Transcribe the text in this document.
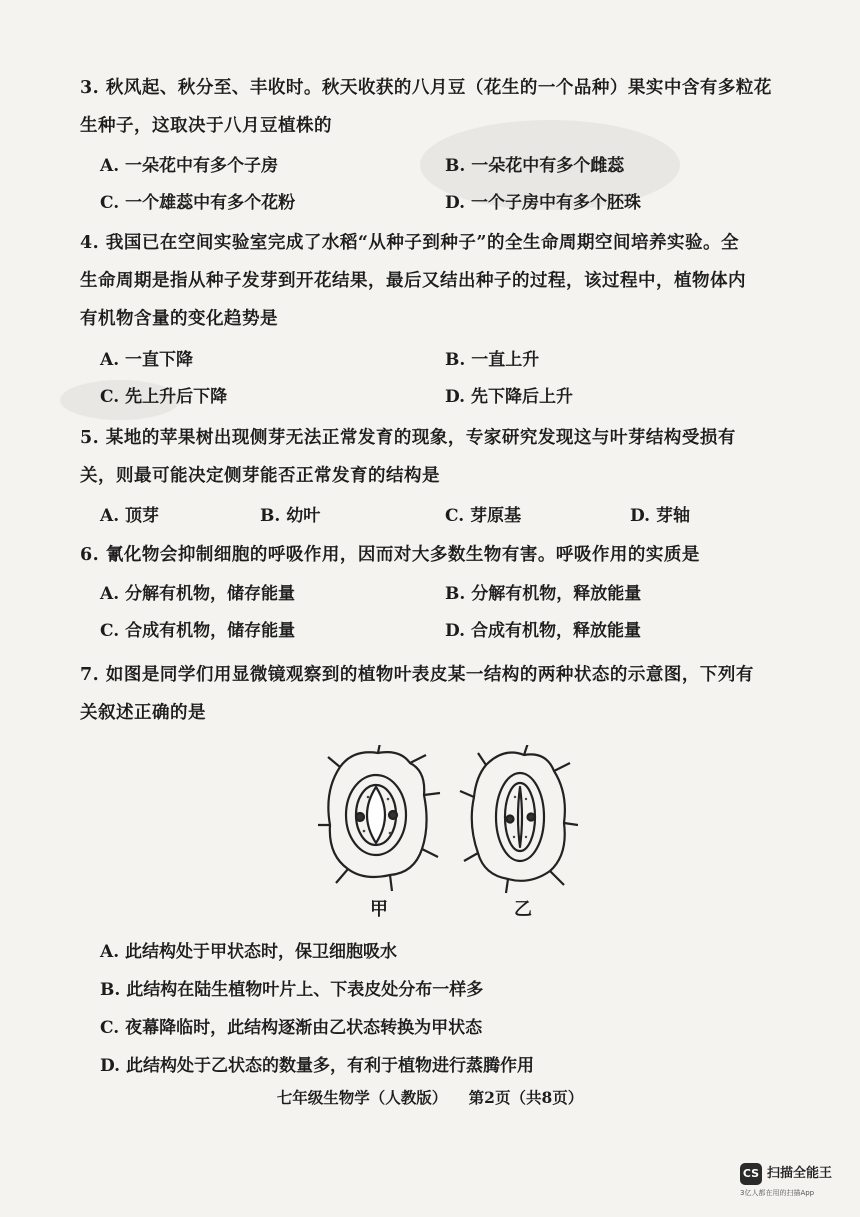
3. 秋风起、秋分至、丰收时。秋天收获的八月豆（花生的一个品种）果实中含有多粒花
生种子，这取决于八月豆植株的
A. 一朵花中有多个子房	B. 一朵花中有多个雌蕊
C. 一个雄蕊中有多个花粉	D. 一个子房中有多个胚珠
4. 我国已在空间实验室完成了水稻“从种子到种子”的全生命周期空间培养实验。全
生命周期是指从种子发芽到开花结果，最后又结出种子的过程，该过程中，植物体内
有机物含量的变化趋势是
A. 一直下降	B. 一直上升
C. 先上升后下降	D. 先下降后上升
5. 某地的苹果树出现侧芽无法正常发育的现象，专家研究发现这与叶芽结构受损有
关，则最可能决定侧芽能否正常发育的结构是
A. 顶芽	B. 幼叶	C. 芽原基	D. 芽轴
6. 氰化物会抑制细胞的呼吸作用，因而对大多数生物有害。呼吸作用的实质是
A. 分解有机物，储存能量	B. 分解有机物，释放能量
C. 合成有机物，储存能量	D. 合成有机物，释放能量
7. 如图是同学们用显微镜观察到的植物叶表皮某一结构的两种状态的示意图，下列有
关叙述正确的是
甲	乙
A. 此结构处于甲状态时，保卫细胞吸水
B. 此结构在陆生植物叶片上、下表皮处分布一样多
C. 夜幕降临时，此结构逐渐由乙状态转换为甲状态
D. 此结构处于乙状态的数量多，有利于植物进行蒸腾作用
七年级生物学（人教版） 第2页（共8页）
CS 扫描全能王
3亿人都在用的扫描App
